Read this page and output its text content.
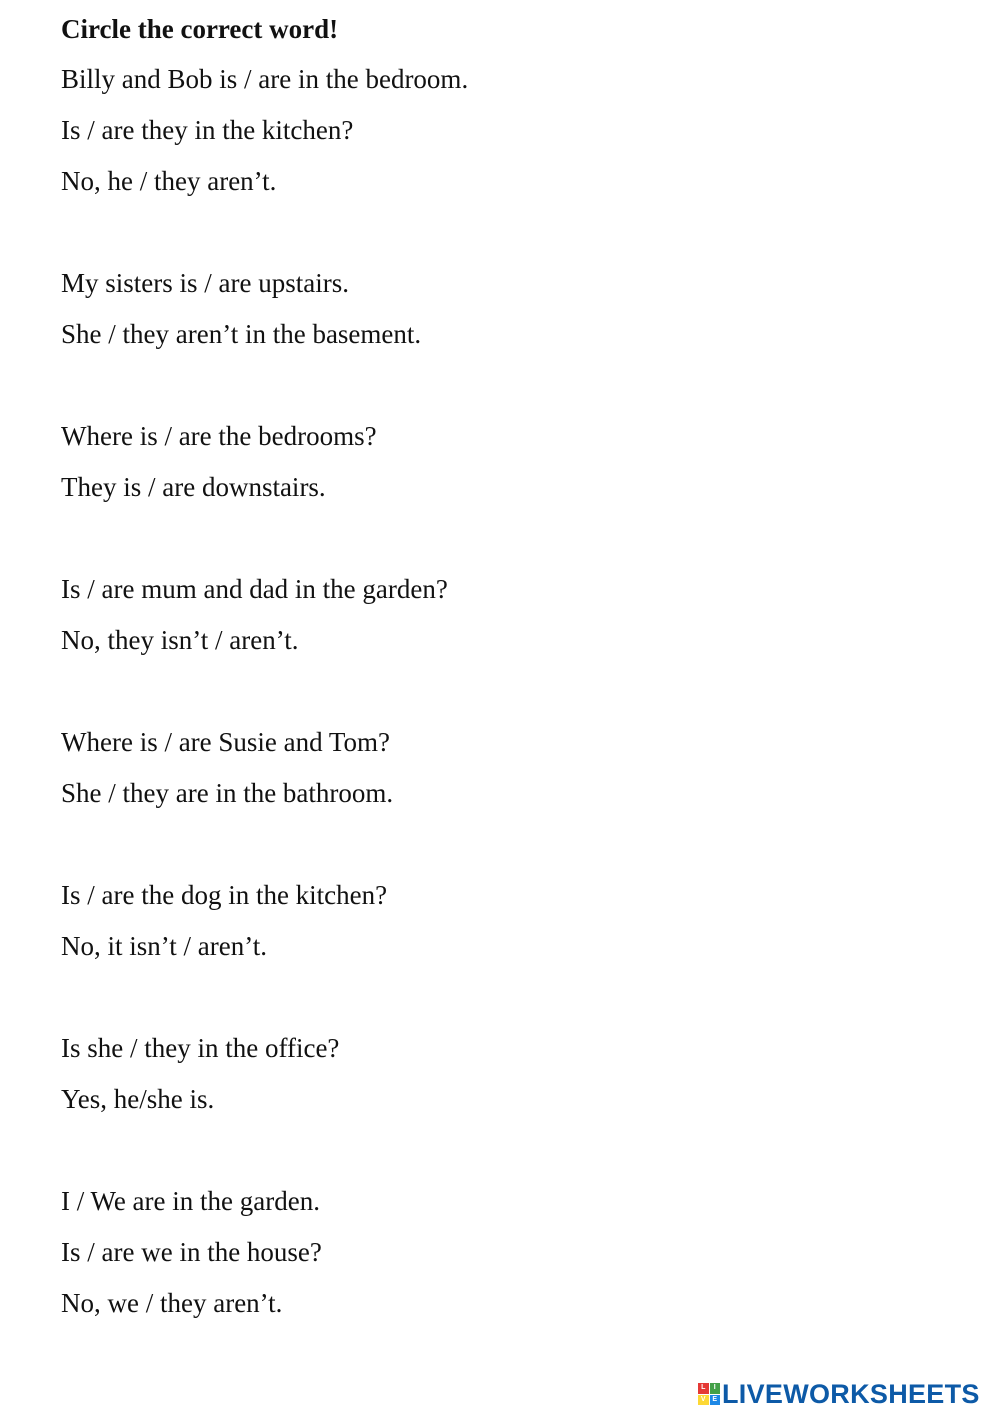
Circle the correct word!
Billy and Bob is / are in the bedroom.
Is / are they in the kitchen?
No, he / they aren’t.
My sisters is / are upstairs.
She / they aren’t in the basement.
Where is / are the bedrooms?
They is / are downstairs.
Is / are mum and dad in the garden?
No, they isn’t / aren’t.
Where is / are Susie and Tom?
She / they are in the bathroom.
Is / are the dog in the kitchen?
No, it isn’t / aren’t.
Is she / they in the office?
Yes, he/she is.
I / We are in the garden.
Is / are we in the house?
No, we / they aren’t.
L	I
V E LIVEWORKSHEETS
